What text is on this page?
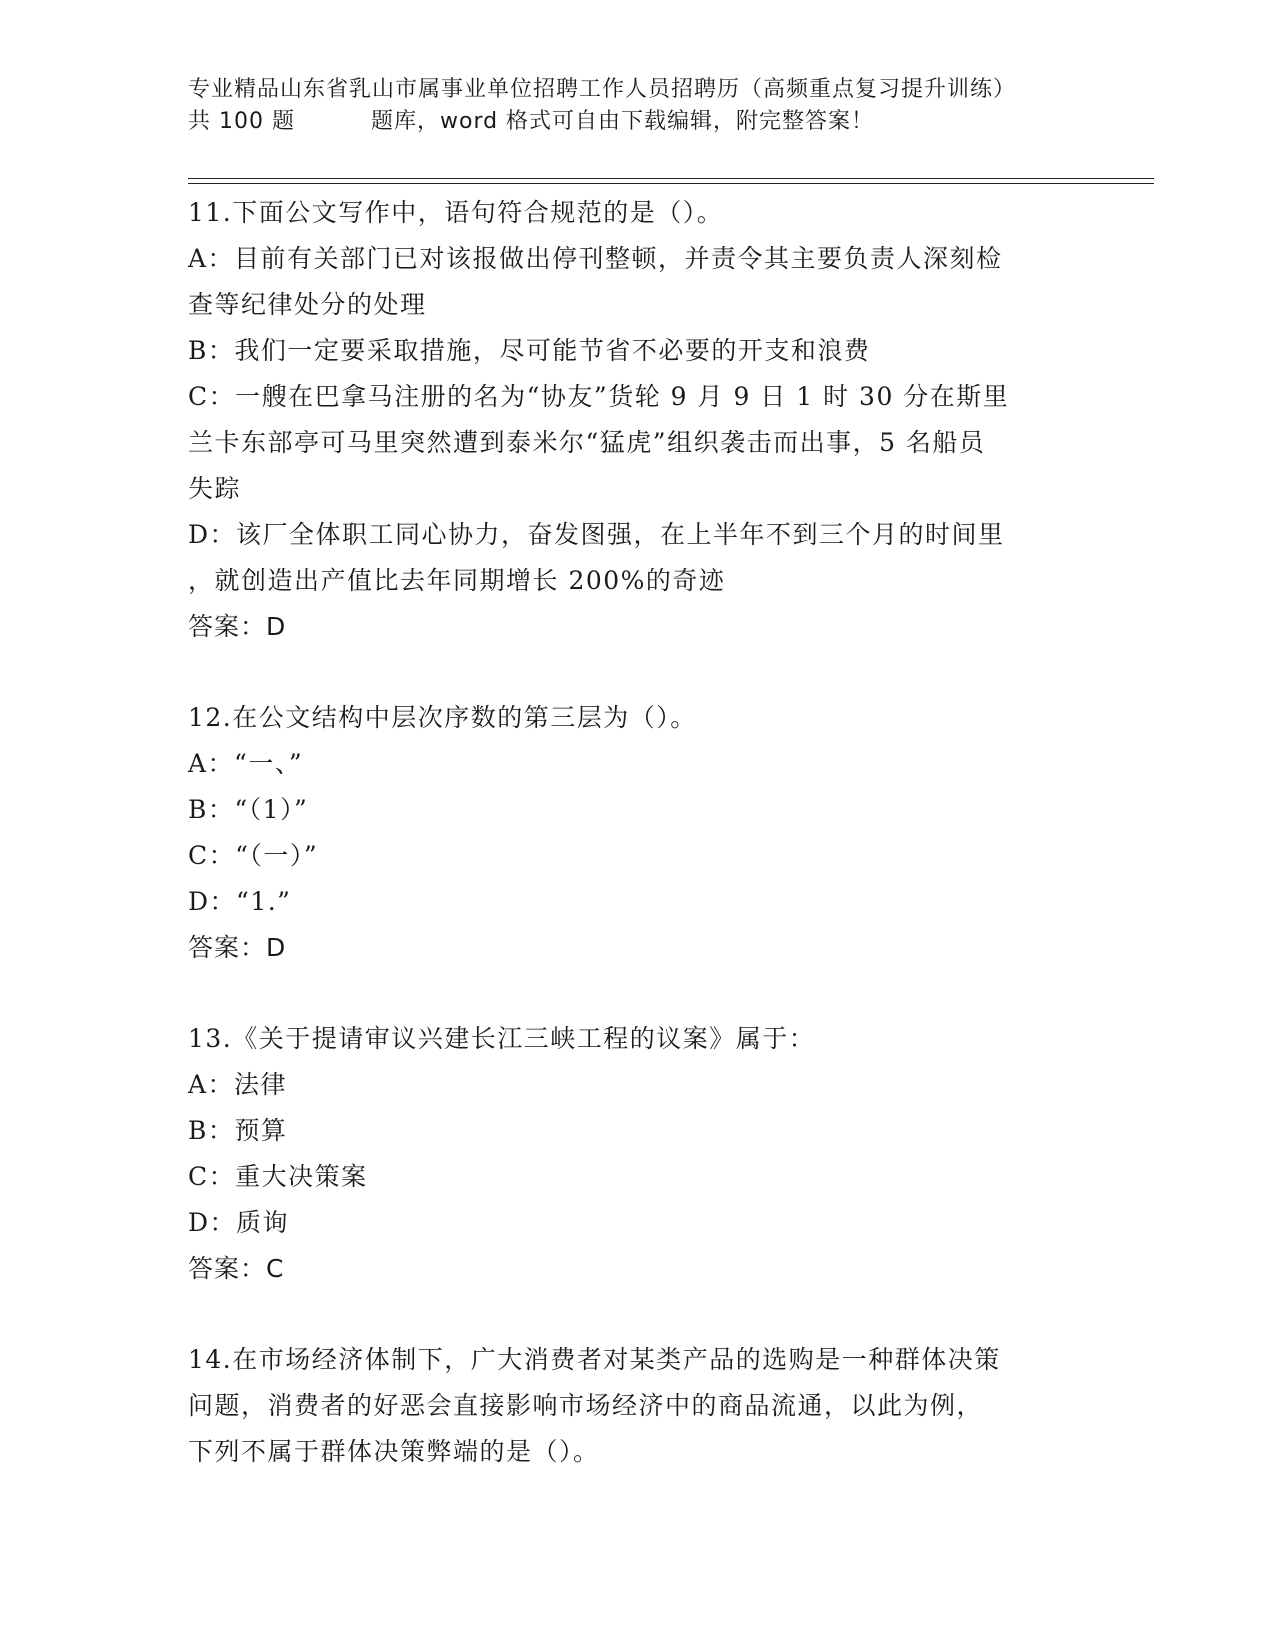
专业精品山东省乳山市属事业单位招聘工作人员招聘历（高频重点复习提升训练）
共 100 题	题库，word 格式可自由下载编辑，附完整答案！
11.下面公文写作中，语句符合规范的是（）。
A：目前有关部门已对该报做出停刊整顿，并责令其主要负责人深刻检
查等纪律处分的处理
B：我们一定要采取措施，尽可能节省不必要的开支和浪费
C：一艘在巴拿马注册的名为“协友”货轮 9 月 9 日 1 时 30 分在斯里
兰卡东部亭可马里突然遭到泰米尔“猛虎”组织袭击而出事，5 名船员
失踪
D：该厂全体职工同心协力，奋发图强，在上半年不到三个月的时间里
，就创造出产值比去年同期增长 200%的奇迹
答案：D
12.在公文结构中层次序数的第三层为（）。
A：“一、”
B：“（1）”
C：“（一）”
D：“1.”
答案：D
13.《关于提请审议兴建长江三峡工程的议案》属于：
A：法律
B：预算
C：重大决策案
D：质询
答案：C
14.在市场经济体制下，广大消费者对某类产品的选购是一种群体决策
问题，消费者的好恶会直接影响市场经济中的商品流通，以此为例，
下列不属于群体决策弊端的是（）。
